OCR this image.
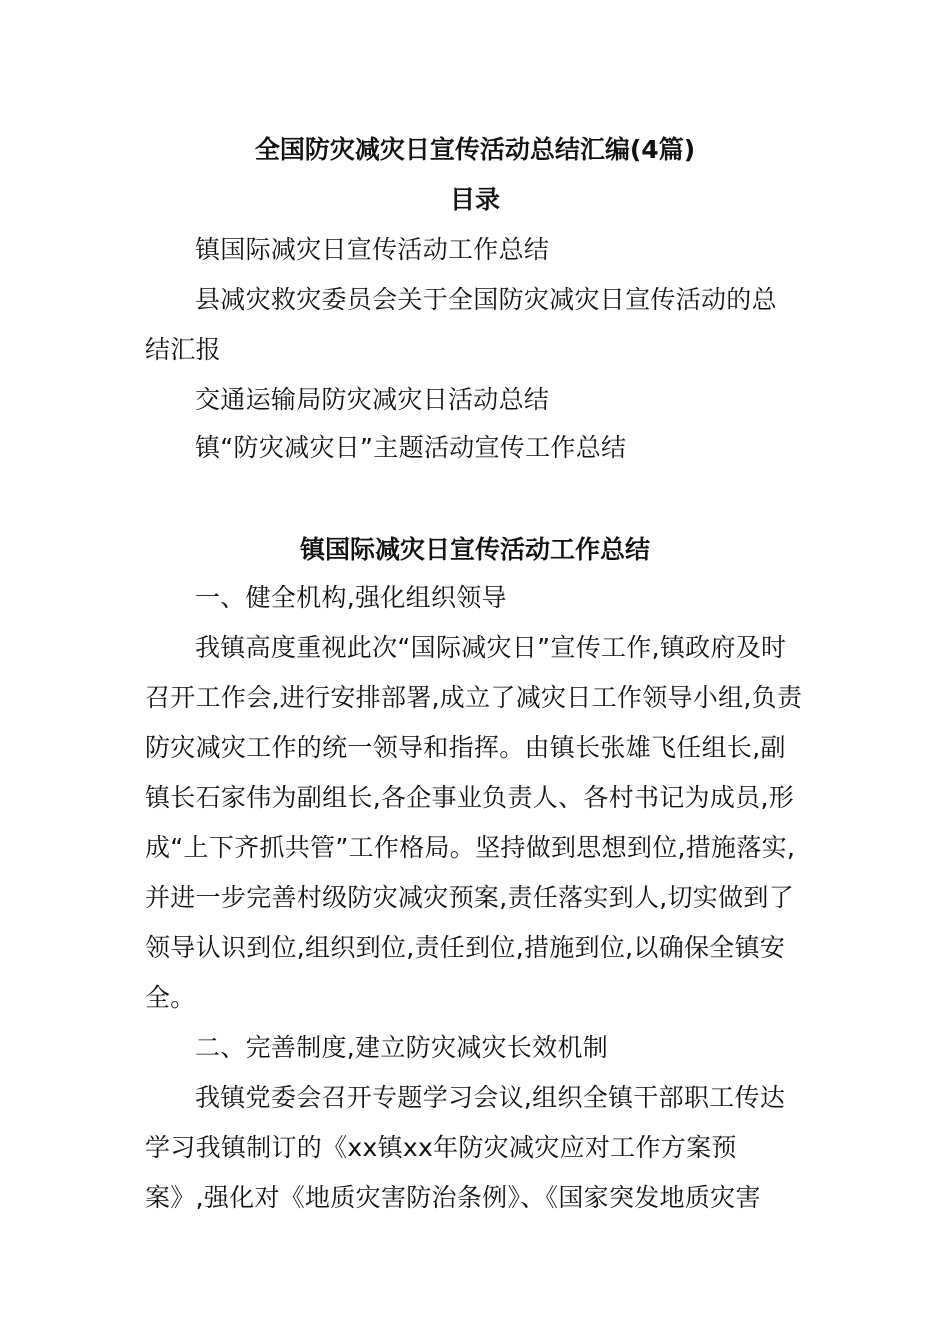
全国防灾减灾日宣传活动总结汇编(4篇)
目录
镇国际减灾日宣传活动工作总结
县减灾救灾委员会关于全国防灾减灾日宣传活动的总
结汇报
交通运输局防灾减灾日活动总结
镇“防灾减灾日”主题活动宣传工作总结
镇国际减灾日宣传活动工作总结
一、健全机构,强化组织领导
我镇高度重视此次“国际减灾日”宣传工作,镇政府及时
召开工作会,进行安排部署,成立了减灾日工作领导小组,负责
防灾减灾工作的统一领导和指挥。由镇长张雄飞任组长,副
镇长石家伟为副组长,各企事业负责人、各村书记为成员,形
成“上下齐抓共管”工作格局。坚持做到思想到位,措施落实,
并进一步完善村级防灾减灾预案,责任落实到人,切实做到了
领导认识到位,组织到位,责任到位,措施到位,以确保全镇安
全。
二、完善制度,建立防灾减灾长效机制
我镇党委会召开专题学习会议,组织全镇干部职工传达
学习我镇制订的《xx镇xx年防灾减灾应对工作方案预
案》,强化对《地质灾害防治条例》、《国家突发地质灾害
